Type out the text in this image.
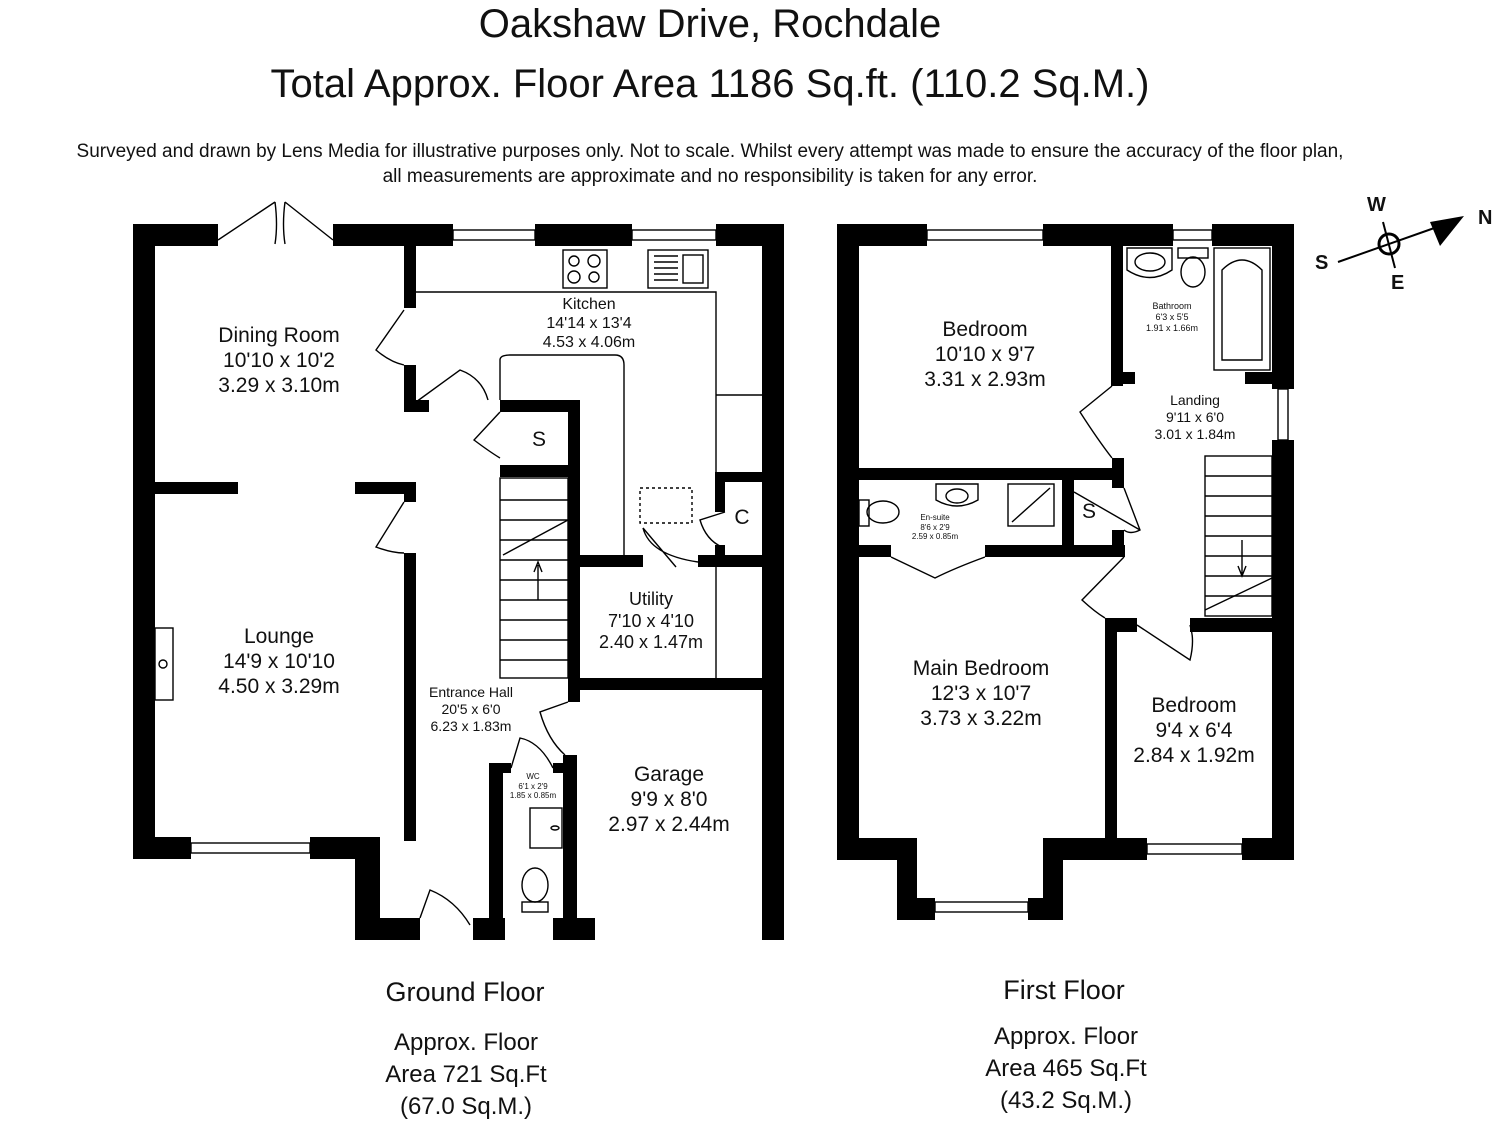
Oakshaw Drive, Rochdale
Total Approx. Floor Area 1186 Sq.ft. (110.2 Sq.M.)
Surveyed and drawn by Lens Media for illustrative purposes only. Not to scale. Whilst every attempt was made to ensure the accuracy of the floor plan,
all measurements are approximate and no responsibility is taken for any error.
W
N
S
E
Dining Room
10'10 x 10'2
3.29 x 3.10m
Kitchen
14'14 x 13'4
4.53 x 4.06m
S
C
Lounge
14'9 x 10'10
4.50 x 3.29m
Utility
7'10 x 4'10
2.40 x 1.47m
Entrance Hall
20'5 x 6'0
6.23 x 1.83m
Garage
9'9 x 8'0
2.97 x 2.44m
WC
6'1 x 2'9
1.85 x 0.85m
Bedroom
10'10 x 9'7
3.31 x 2.93m
Bathroom
6'3 x 5'5
1.91 x 1.66m
Landing
9'11 x 6'0
3.01 x 1.84m
En-suite
8'6 x 2'9
2.59 x 0.85m
S
Main Bedroom
12'3 x 10'7
3.73 x 3.22m
Bedroom
9'4 x 6'4
2.84 x 1.92m
Ground Floor
Approx. Floor
Area 721 Sq.Ft
(67.0 Sq.M.)
First Floor
Approx. Floor
Area 465 Sq.Ft
(43.2 Sq.M.)
